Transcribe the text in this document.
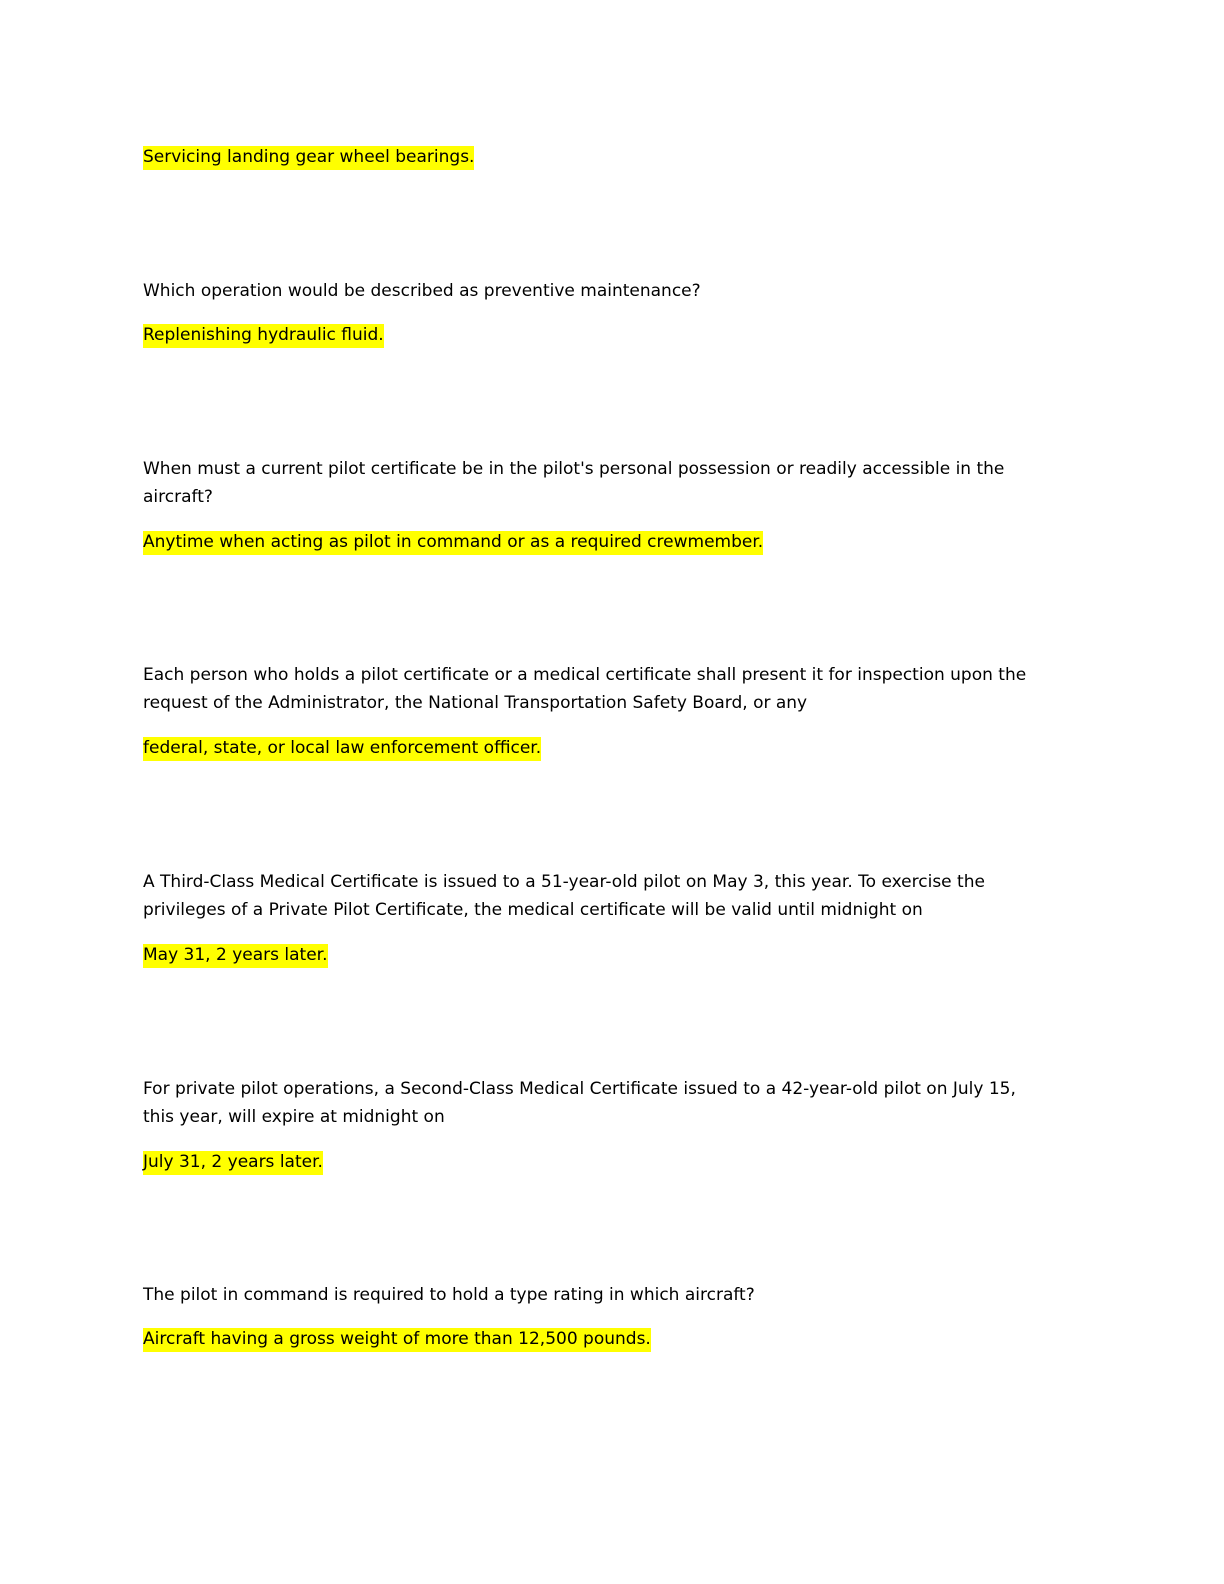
Servicing landing gear wheel bearings.
Which operation would be described as preventive maintenance?
Replenishing hydraulic fluid.
When must a current pilot certificate be in the pilot's personal possession or readily accessible in the
aircraft?
Anytime when acting as pilot in command or as a required crewmember.
Each person who holds a pilot certificate or a medical certificate shall present it for inspection upon the
request of the Administrator, the National Transportation Safety Board, or any
federal, state, or local law enforcement officer.
A Third-Class Medical Certificate is issued to a 51-year-old pilot on May 3, this year. To exercise the
privileges of a Private Pilot Certificate, the medical certificate will be valid until midnight on
May 31, 2 years later.
For private pilot operations, a Second-Class Medical Certificate issued to a 42-year-old pilot on July 15,
this year, will expire at midnight on
July 31, 2 years later.
The pilot in command is required to hold a type rating in which aircraft?
Aircraft having a gross weight of more than 12,500 pounds.
